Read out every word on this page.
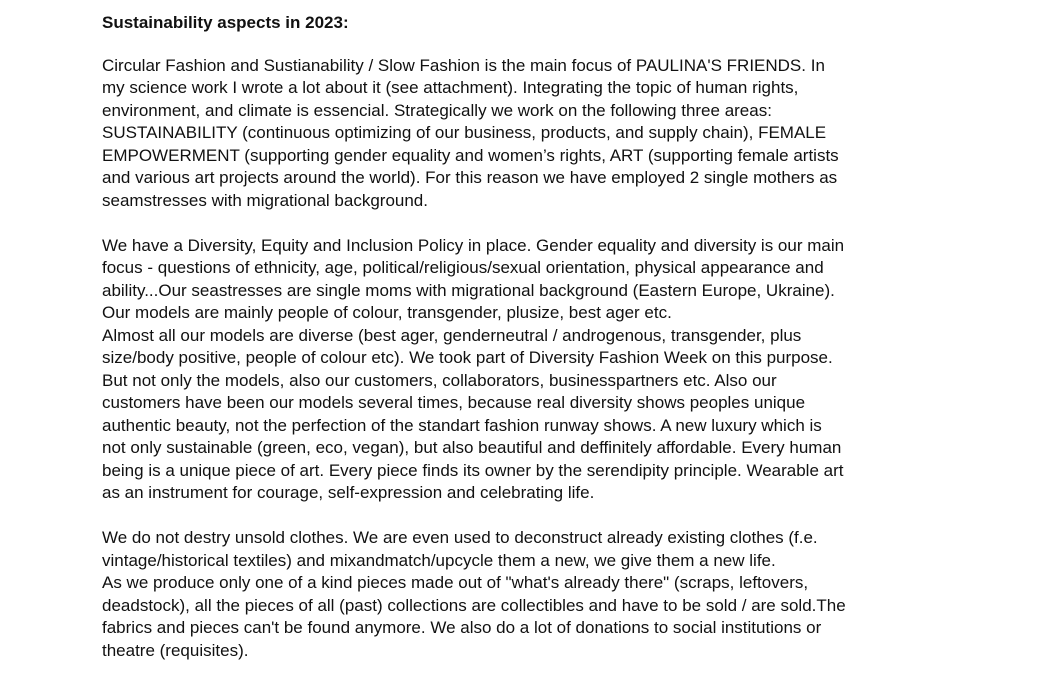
Sustainability aspects in 2023:

Circular Fashion and Sustianability / Slow Fashion is the main focus of PAULINA'S FRIENDS. In
my science work I wrote a lot about it (see attachment). Integrating the topic of human rights,
environment, and climate is essencial. Strategically we work on the following three areas:
SUSTAINABILITY (continuous optimizing of our business, products, and supply chain), FEMALE
EMPOWERMENT (supporting gender equality and women’s rights, ART (supporting female artists
and various art projects around the world). For this reason we have employed 2 single mothers as
seamstresses with migrational background.
We have a Diversity, Equity and Inclusion Policy in place. Gender equality and diversity is our main
focus - questions of ethnicity, age, political/religious/sexual orientation, physical appearance and
ability...Our seastresses are single moms with migrational background (Eastern Europe, Ukraine).
Our models are mainly people of colour, transgender, plusize, best ager etc.
Almost all our models are diverse (best ager, genderneutral / androgenous, transgender, plus
size/body positive, people of colour etc). We took part of Diversity Fashion Week on this purpose.
But not only the models, also our customers, collaborators, businesspartners etc. Also our
customers have been our models several times, because real diversity shows peoples unique
authentic beauty, not the perfection of the standart fashion runway shows. A new luxury which is
not only sustainable (green, eco, vegan), but also beautiful and deffinitely affordable. Every human
being is a unique piece of art. Every piece finds its owner by the serendipity principle. Wearable art
as an instrument for courage, self-expression and celebrating life.
We do not destry unsold clothes. We are even used to deconstruct already existing clothes (f.e.
vintage/historical textiles) and mixandmatch/upcycle them a new, we give them a new life.
As we produce only one of a kind pieces made out of "what's already there" (scraps, leftovers,
deadstock), all the pieces of all (past) collections are collectibles and have to be sold / are sold.The
fabrics and pieces can't be found anymore. We also do a lot of donations to social institutions or
theatre (requisites).
